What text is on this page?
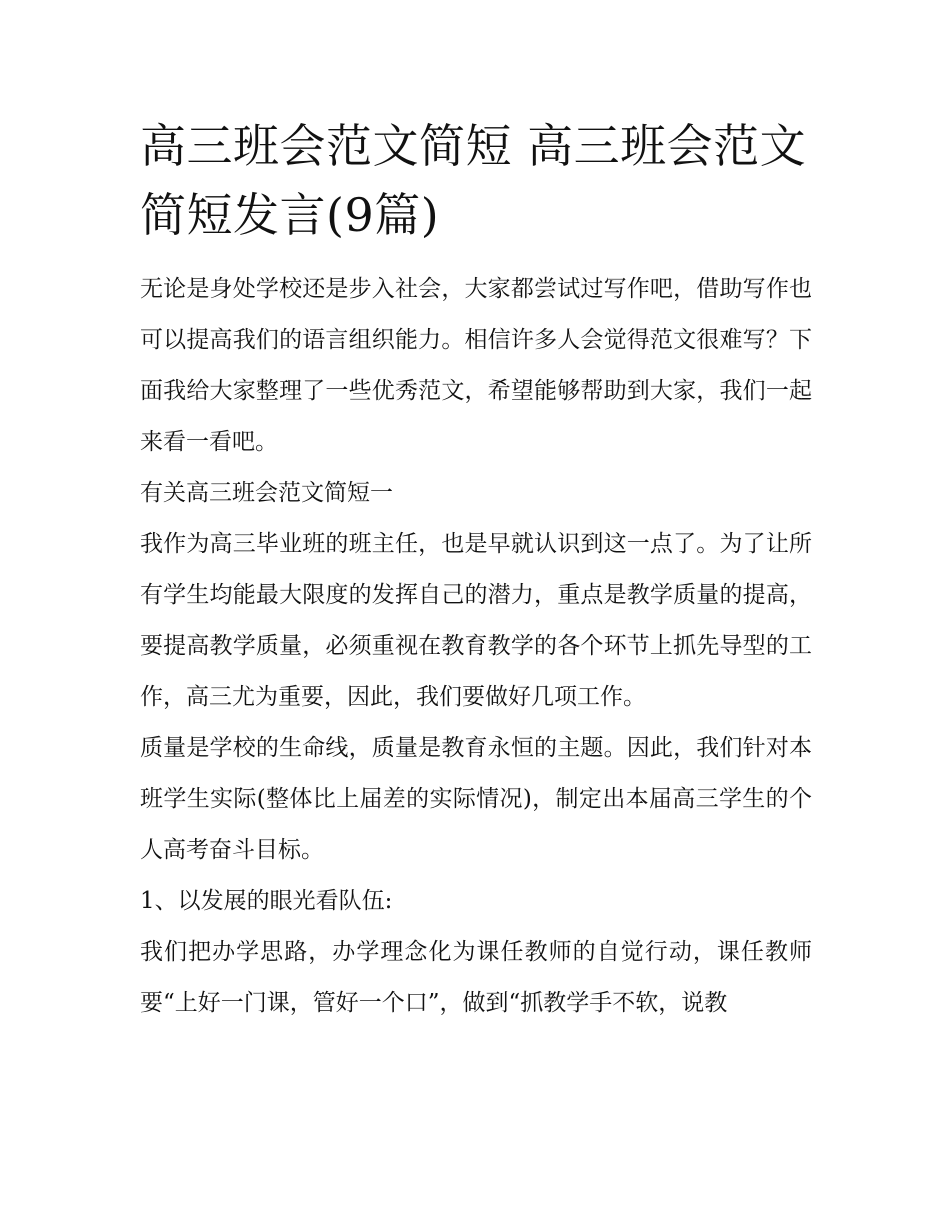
高三班会范文简短 高三班会范文简短发言(9篇)

无论是身处学校还是步入社会，大家都尝试过写作吧，借助写作也可以提高我们的语言组织能力。相信许多人会觉得范文很难写？下面我给大家整理了一些优秀范文，希望能够帮助到大家，我们一起来看一看吧。

有关高三班会范文简短一

我作为高三毕业班的班主任，也是早就认识到这一点了。为了让所有学生均能最大限度的发挥自己的潜力，重点是教学质量的提高，要提高教学质量，必须重视在教育教学的各个环节上抓先导型的工作，高三尤为重要，因此，我们要做好几项工作。

质量是学校的生命线，质量是教育永恒的主题。因此，我们针对本班学生实际(整体比上届差的实际情况)，制定出本届高三学生的个人高考奋斗目标。

1、以发展的眼光看队伍:

我们把办学思路，办学理念化为课任教师的自觉行动，课任教师要“上好一门课，管好一个口”，做到“抓教学手不软，说教
